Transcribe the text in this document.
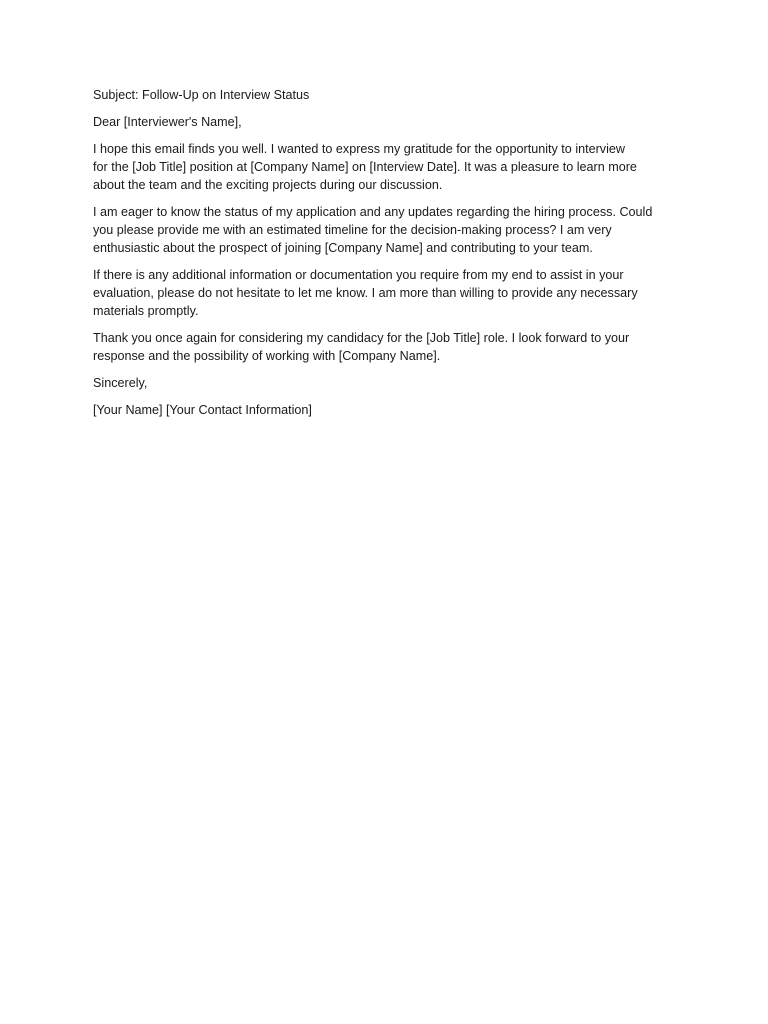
Subject: Follow-Up on Interview Status
Dear [Interviewer's Name],
I hope this email finds you well. I wanted to express my gratitude for the opportunity to interview
for the [Job Title] position at [Company Name] on [Interview Date]. It was a pleasure to learn more
about the team and the exciting projects during our discussion.
I am eager to know the status of my application and any updates regarding the hiring process. Could
you please provide me with an estimated timeline for the decision-making process? I am very
enthusiastic about the prospect of joining [Company Name] and contributing to your team.
If there is any additional information or documentation you require from my end to assist in your
evaluation, please do not hesitate to let me know. I am more than willing to provide any necessary
materials promptly.
Thank you once again for considering my candidacy for the [Job Title] role. I look forward to your
response and the possibility of working with [Company Name].
Sincerely,
[Your Name] [Your Contact Information]
